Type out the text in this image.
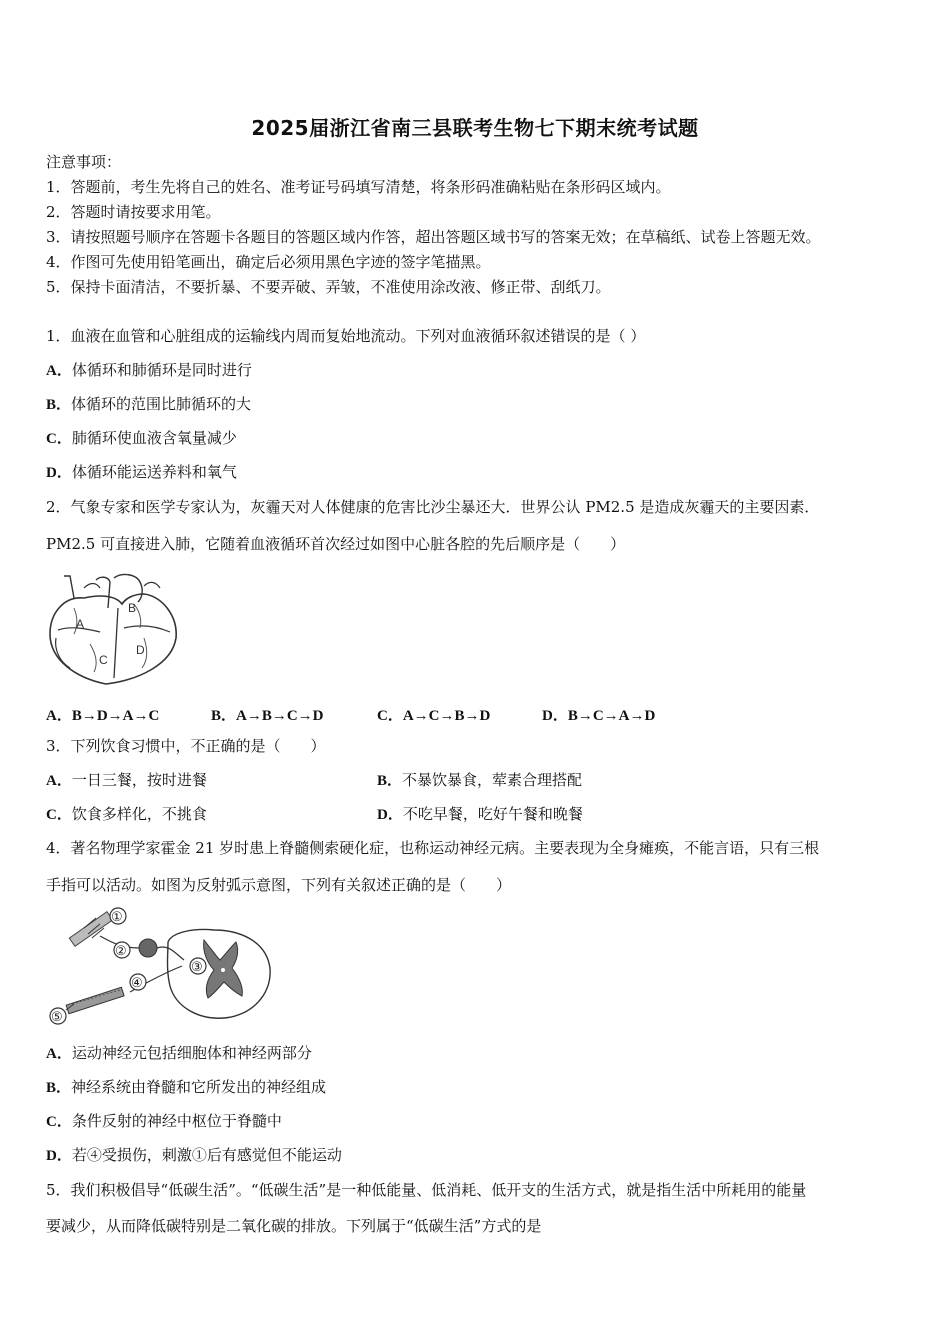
2025届浙江省南三县联考生物七下期末统考试题
注意事项：
1．答题前，考生先将自己的姓名、准考证号码填写清楚，将条形码准确粘贴在条形码区域内。
2．答题时请按要求用笔。
3．请按照题号顺序在答题卡各题目的答题区域内作答，超出答题区域书写的答案无效；在草稿纸、试卷上答题无效。
4．作图可先使用铅笔画出，确定后必须用黑色字迹的签字笔描黑。
5．保持卡面清洁，不要折暴、不要弄破、弄皱，不准使用涂改液、修正带、刮纸刀。
1．血液在血管和心脏组成的运输线内周而复始地流动。下列对血液循环叙述错误的是（ ）
A．体循环和肺循环是同时进行
B．体循环的范围比肺循环的大
C．肺循环使血液含氧量减少
D．体循环能运送养料和氧气
2．气象专家和医学专家认为，灰霾天对人体健康的危害比沙尘暴还大．世界公认 PM2.5 是造成灰霾天的主要因素．
PM2.5 可直接进入肺，它随着血液循环首次经过如图中心脏各腔的先后顺序是（　　）
A
B
C
D
A．B→D→A→C	B．A→B→C→D	C．A→C→B→D	D．B→C→A→D
3．下列饮食习惯中，不正确的是（　　）
A．一日三餐，按时进餐	B．不暴饮暴食，荤素合理搭配
C．饮食多样化，不挑食	D．不吃早餐，吃好午餐和晚餐
4．著名物理学家霍金 21 岁时患上脊髓侧索硬化症，也称运动神经元病。主要表现为全身瘫痪，不能言语，只有三根
手指可以活动。如图为反射弧示意图，下列有关叙述正确的是（　　）
①
②
③
④
⑤
A．运动神经元包括细胞体和神经两部分
B．神经系统由脊髓和它所发出的神经组成
C．条件反射的神经中枢位于脊髓中
D．若④受损伤，刺激①后有感觉但不能运动
5．我们积极倡导“低碳生活”。“低碳生活”是一种低能量、低消耗、低开支的生活方式，就是指生活中所耗用的能量
要减少，从而降低碳特别是二氧化碳的排放。下列属于“低碳生活”方式的是
